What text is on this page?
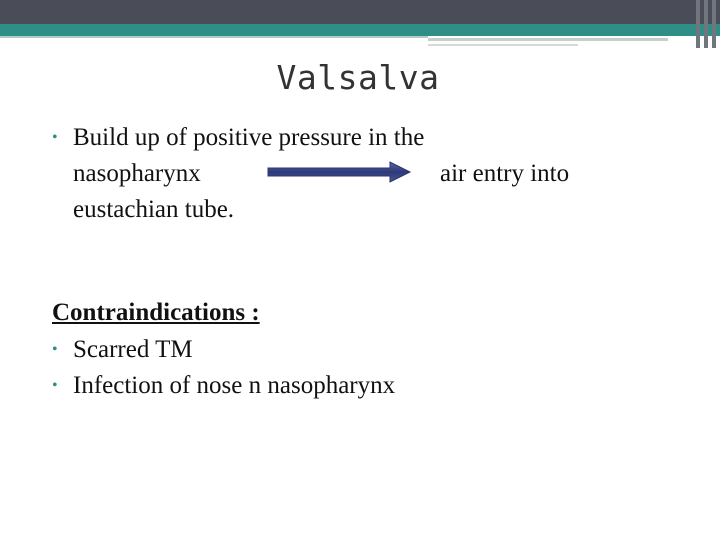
Valsalva
• Build up of positive pressure in the
nasopharynx
eustachian tube.
air entry into
Contraindications :
• Scarred TM
• Infection of nose n nasopharynx
